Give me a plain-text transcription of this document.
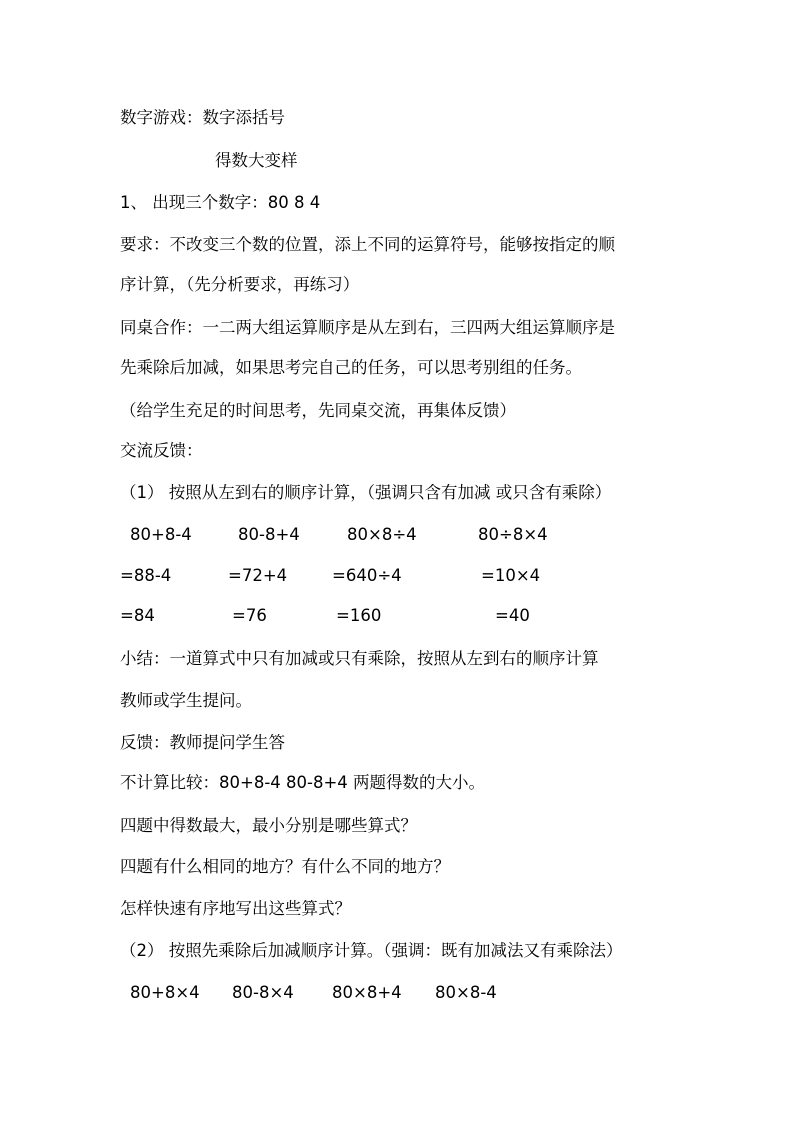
数字游戏：数字添括号

得数大变样

1、 出现三个数字：80 8 4

要求：不改变三个数的位置，添上不同的运算符号，能够按指定的顺

序计算，（先分析要求，再练习）

同桌合作：一二两大组运算顺序是从左到右，三四两大组运算顺序是

先乘除后加减，如果思考完自己的任务，可以思考别组的任务。

（给学生充足的时间思考，先同桌交流，再集体反馈）

交流反馈：

（1） 按照从左到右的顺序计算，（强调只含有加减 或只含有乘除）

80+8-4	80-8+4	80×8÷4	80÷8×4
=88-4	=72+4	=640÷4	=10×4
=84	=76	=160	=40

小结：一道算式中只有加减或只有乘除，按照从左到右的顺序计算

教师或学生提问。

反馈：教师提问学生答

不计算比较：80+8-4 80-8+4 两题得数的大小。

四题中得数最大，最小分别是哪些算式？

四题有什么相同的地方？有什么不同的地方？

怎样快速有序地写出这些算式？

（2） 按照先乘除后加减顺序计算。（强调：既有加减法又有乘除法）

80+8×4 80-8×4 80×8+4 80×8-4
